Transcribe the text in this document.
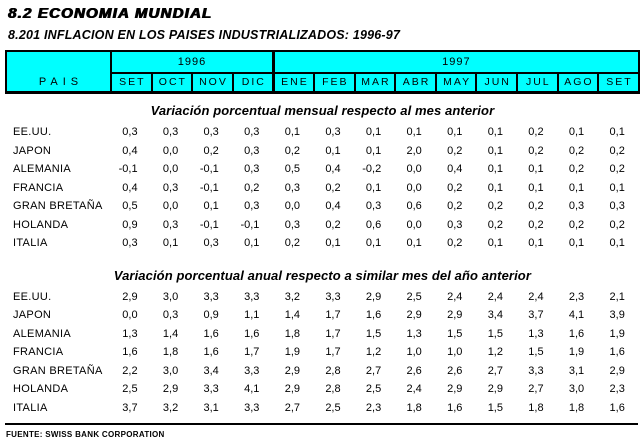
8.2 ECONOMIA MUNDIAL
8.201 INFLACION EN LOS PAISES INDUSTRIALIZADOS: 1996-97
PAIS	1996				1997								
	SET	OCT	NOV	DIC	ENE	FEB	MAR	ABR	MAY	JUN	JUL	AGO	SET
Variación porcentual mensual respecto al mes anterior													
EE.UU.	0,3	0,3	0,3	0,3	0,1	0,3	0,1	0,1	0,1	0,1	0,2	0,1	0,1
JAPON	0,4	0,0	0,2	0,3	0,2	0,1	0,1	2,0	0,2	0,1	0,2	0,2	0,2
ALEMANIA	-0,1	0,0	-0,1	0,3	0,5	0,4	-0,2	0,0	0,4	0,1	0,1	0,2	0,2
FRANCIA	0,4	0,3	-0,1	0,2	0,3	0,2	0,1	0,0	0,2	0,1	0,1	0,1	0,1
GRAN BRETAÑA	0,5	0,0	0,1	0,3	0,0	0,4	0,3	0,6	0,2	0,2	0,2	0,3	0,3
HOLANDA	0,9	0,3	-0,1	-0,1	0,3	0,2	0,6	0,0	0,3	0,2	0,2	0,2	0,2
ITALIA	0,3	0,1	0,3	0,1	0,2	0,1	0,1	0,1	0,2	0,1	0,1	0,1	0,1
Variación porcentual anual respecto a similar mes del año anterior													
EE.UU.	2,9	3,0	3,3	3,3	3,2	3,3	2,9	2,5	2,4	2,4	2,4	2,3	2,1
JAPON	0,0	0,3	0,9	1,1	1,4	1,7	1,6	2,9	2,9	3,4	3,7	4,1	3,9
ALEMANIA	1,3	1,4	1,6	1,6	1,8	1,7	1,5	1,3	1,5	1,5	1,3	1,6	1,9
FRANCIA	1,6	1,8	1,6	1,7	1,9	1,7	1,2	1,0	1,0	1,2	1,5	1,9	1,6
GRAN BRETAÑA	2,2	3,0	3,4	3,3	2,9	2,8	2,7	2,6	2,6	2,7	3,3	3,1	2,9
HOLANDA	2,5	2,9	3,3	4,1	2,9	2,8	2,5	2,4	2,9	2,9	2,7	3,0	2,3
ITALIA	3,7	3,2	3,1	3,3	2,7	2,5	2,3	1,8	1,6	1,5	1,8	1,8	1,6
FUENTE: SWISS BANK CORPORATION
